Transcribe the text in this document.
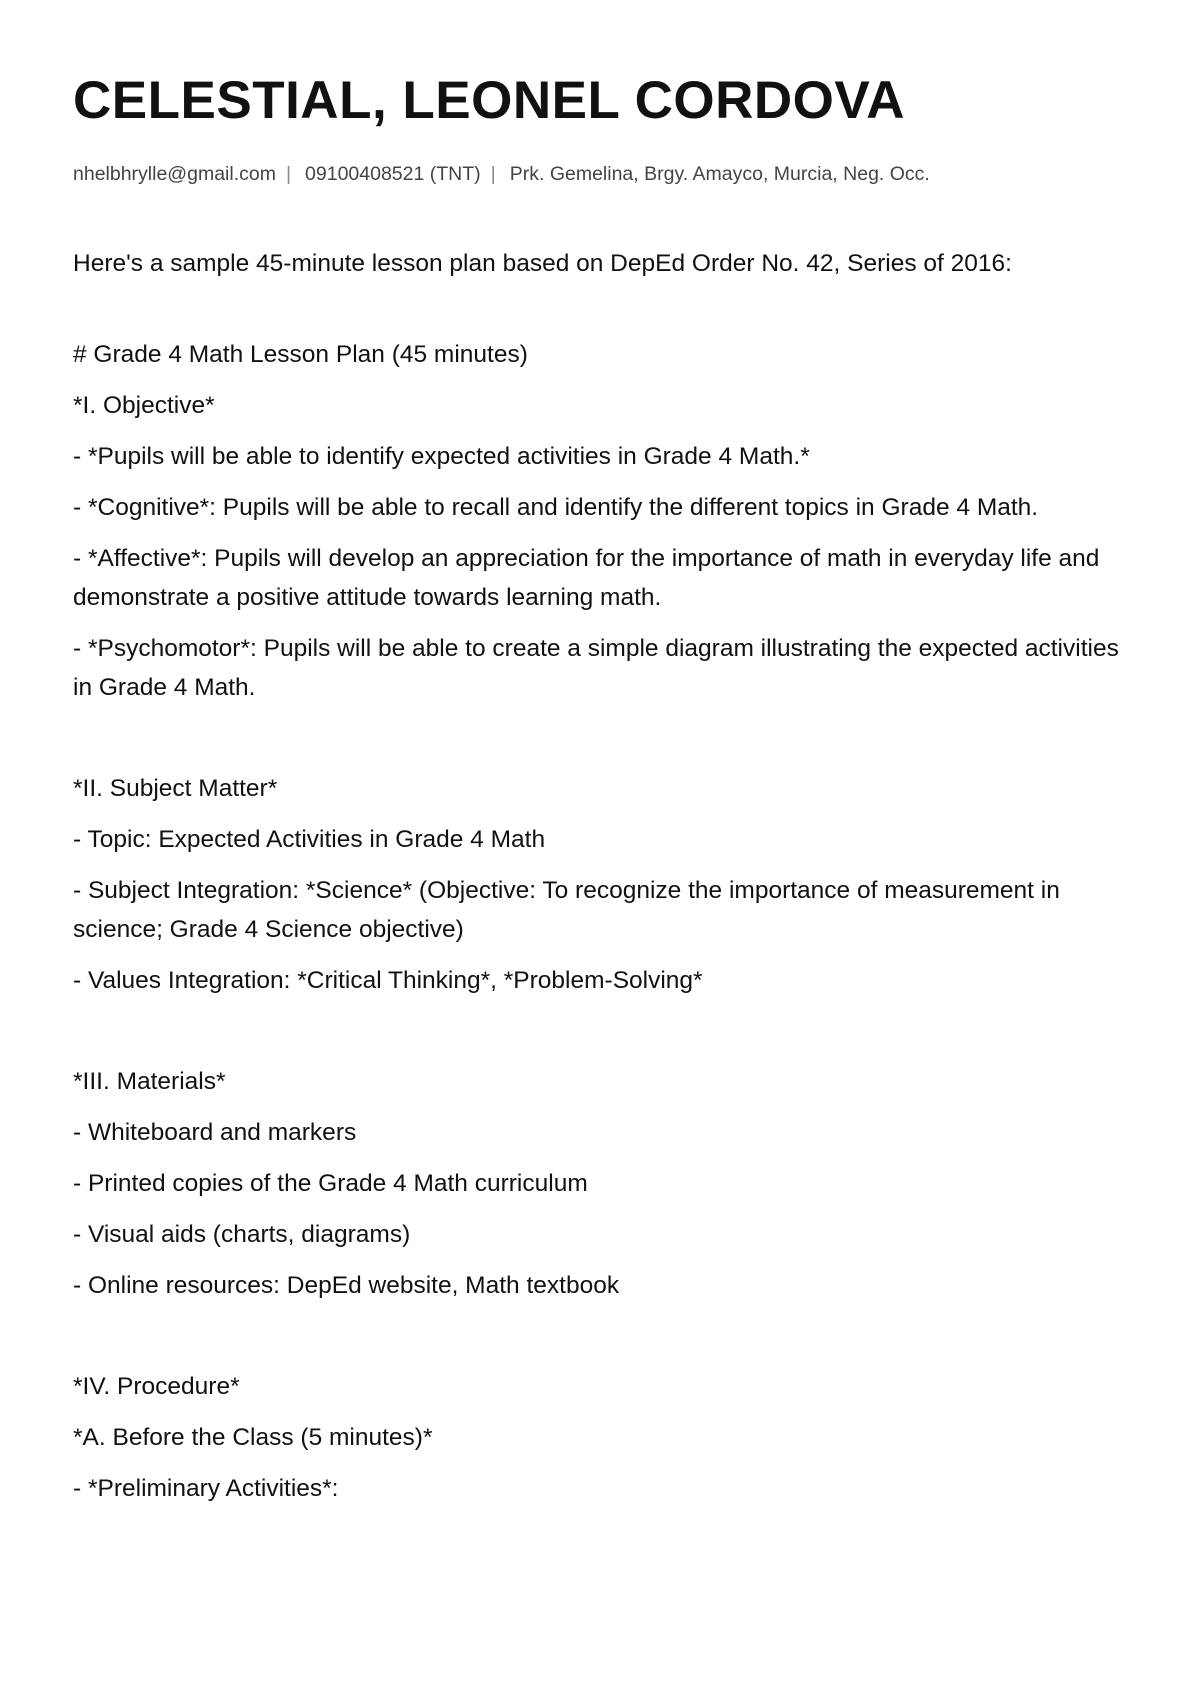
CELESTIAL, LEONEL CORDOVA
nhelbhrylle@gmail.com | 09100408521 (TNT) | Prk. Gemelina, Brgy. Amayco, Murcia, Neg. Occ.

Here's a sample 45-minute lesson plan based on DepEd Order No. 42, Series of 2016:

# Grade 4 Math Lesson Plan (45 minutes)

*I. Objective*

- *Pupils will be able to identify expected activities in Grade 4 Math.*

- *Cognitive*: Pupils will be able to recall and identify the different topics in Grade 4 Math.

- *Affective*: Pupils will develop an appreciation for the importance of math in everyday life and demonstrate a positive attitude towards learning math.

- *Psychomotor*: Pupils will be able to create a simple diagram illustrating the expected activities in Grade 4 Math.

*II. Subject Matter*

- Topic: Expected Activities in Grade 4 Math

- Subject Integration: *Science* (Objective: To recognize the importance of measurement in science; Grade 4 Science objective)

- Values Integration: *Critical Thinking*, *Problem-Solving*

*III. Materials*

- Whiteboard and markers

- Printed copies of the Grade 4 Math curriculum

- Visual aids (charts, diagrams)

- Online resources: DepEd website, Math textbook

*IV. Procedure*

*A. Before the Class (5 minutes)*

- *Preliminary Activities*:
